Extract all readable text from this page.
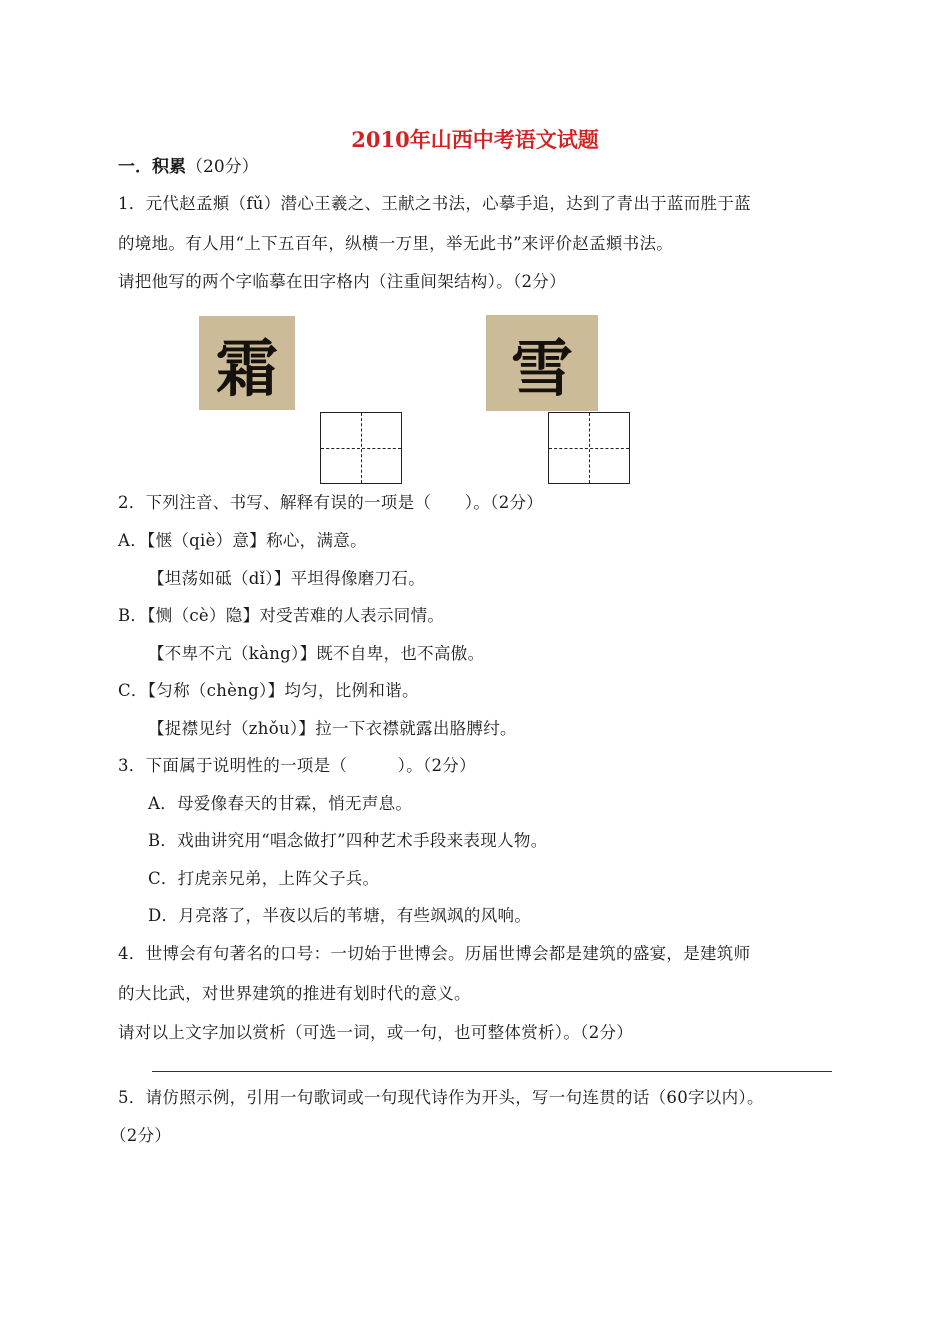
2010年山西中考语文试题
一．积累（20分）
1．元代赵孟頫（fǔ）潜心王羲之、王献之书法，心摹手追，达到了青出于蓝而胜于蓝
的境地。有人用“上下五百年，纵横一万里，举无此书”来评价赵孟頫书法。
请把他写的两个字临摹在田字格内（注重间架结构）。（2分）
霜	雪
2．下列注音、书写、解释有误的一项是（　　）。（2分）
A．【惬（qiè）意】称心，满意。
【坦荡如砥（dǐ）】平坦得像磨刀石。
B．【恻（cè）隐】对受苦难的人表示同情。
【不卑不亢（kàng）】既不自卑，也不高傲。
C．【匀称（chèng）】均匀，比例和谐。
【捉襟见纣（zhǒu）】拉一下衣襟就露出胳膊纣。
3．下面属于说明性的一项是（　　　）。（2分）
A．母爱像春天的甘霖，悄无声息。
B．戏曲讲究用“唱念做打”四种艺术手段来表现人物。
C．打虎亲兄弟，上阵父子兵。
D．月亮落了，半夜以后的苇塘，有些飒飒的风响。
4．世博会有句著名的口号：一切始于世博会。历届世博会都是建筑的盛宴，是建筑师
的大比武，对世界建筑的推进有划时代的意义。
请对以上文字加以赏析（可选一词，或一句，也可整体赏析）。（2分）
5．请仿照示例，引用一句歌词或一句现代诗作为开头，写一句连贯的话（60字以内）。
（2分）
